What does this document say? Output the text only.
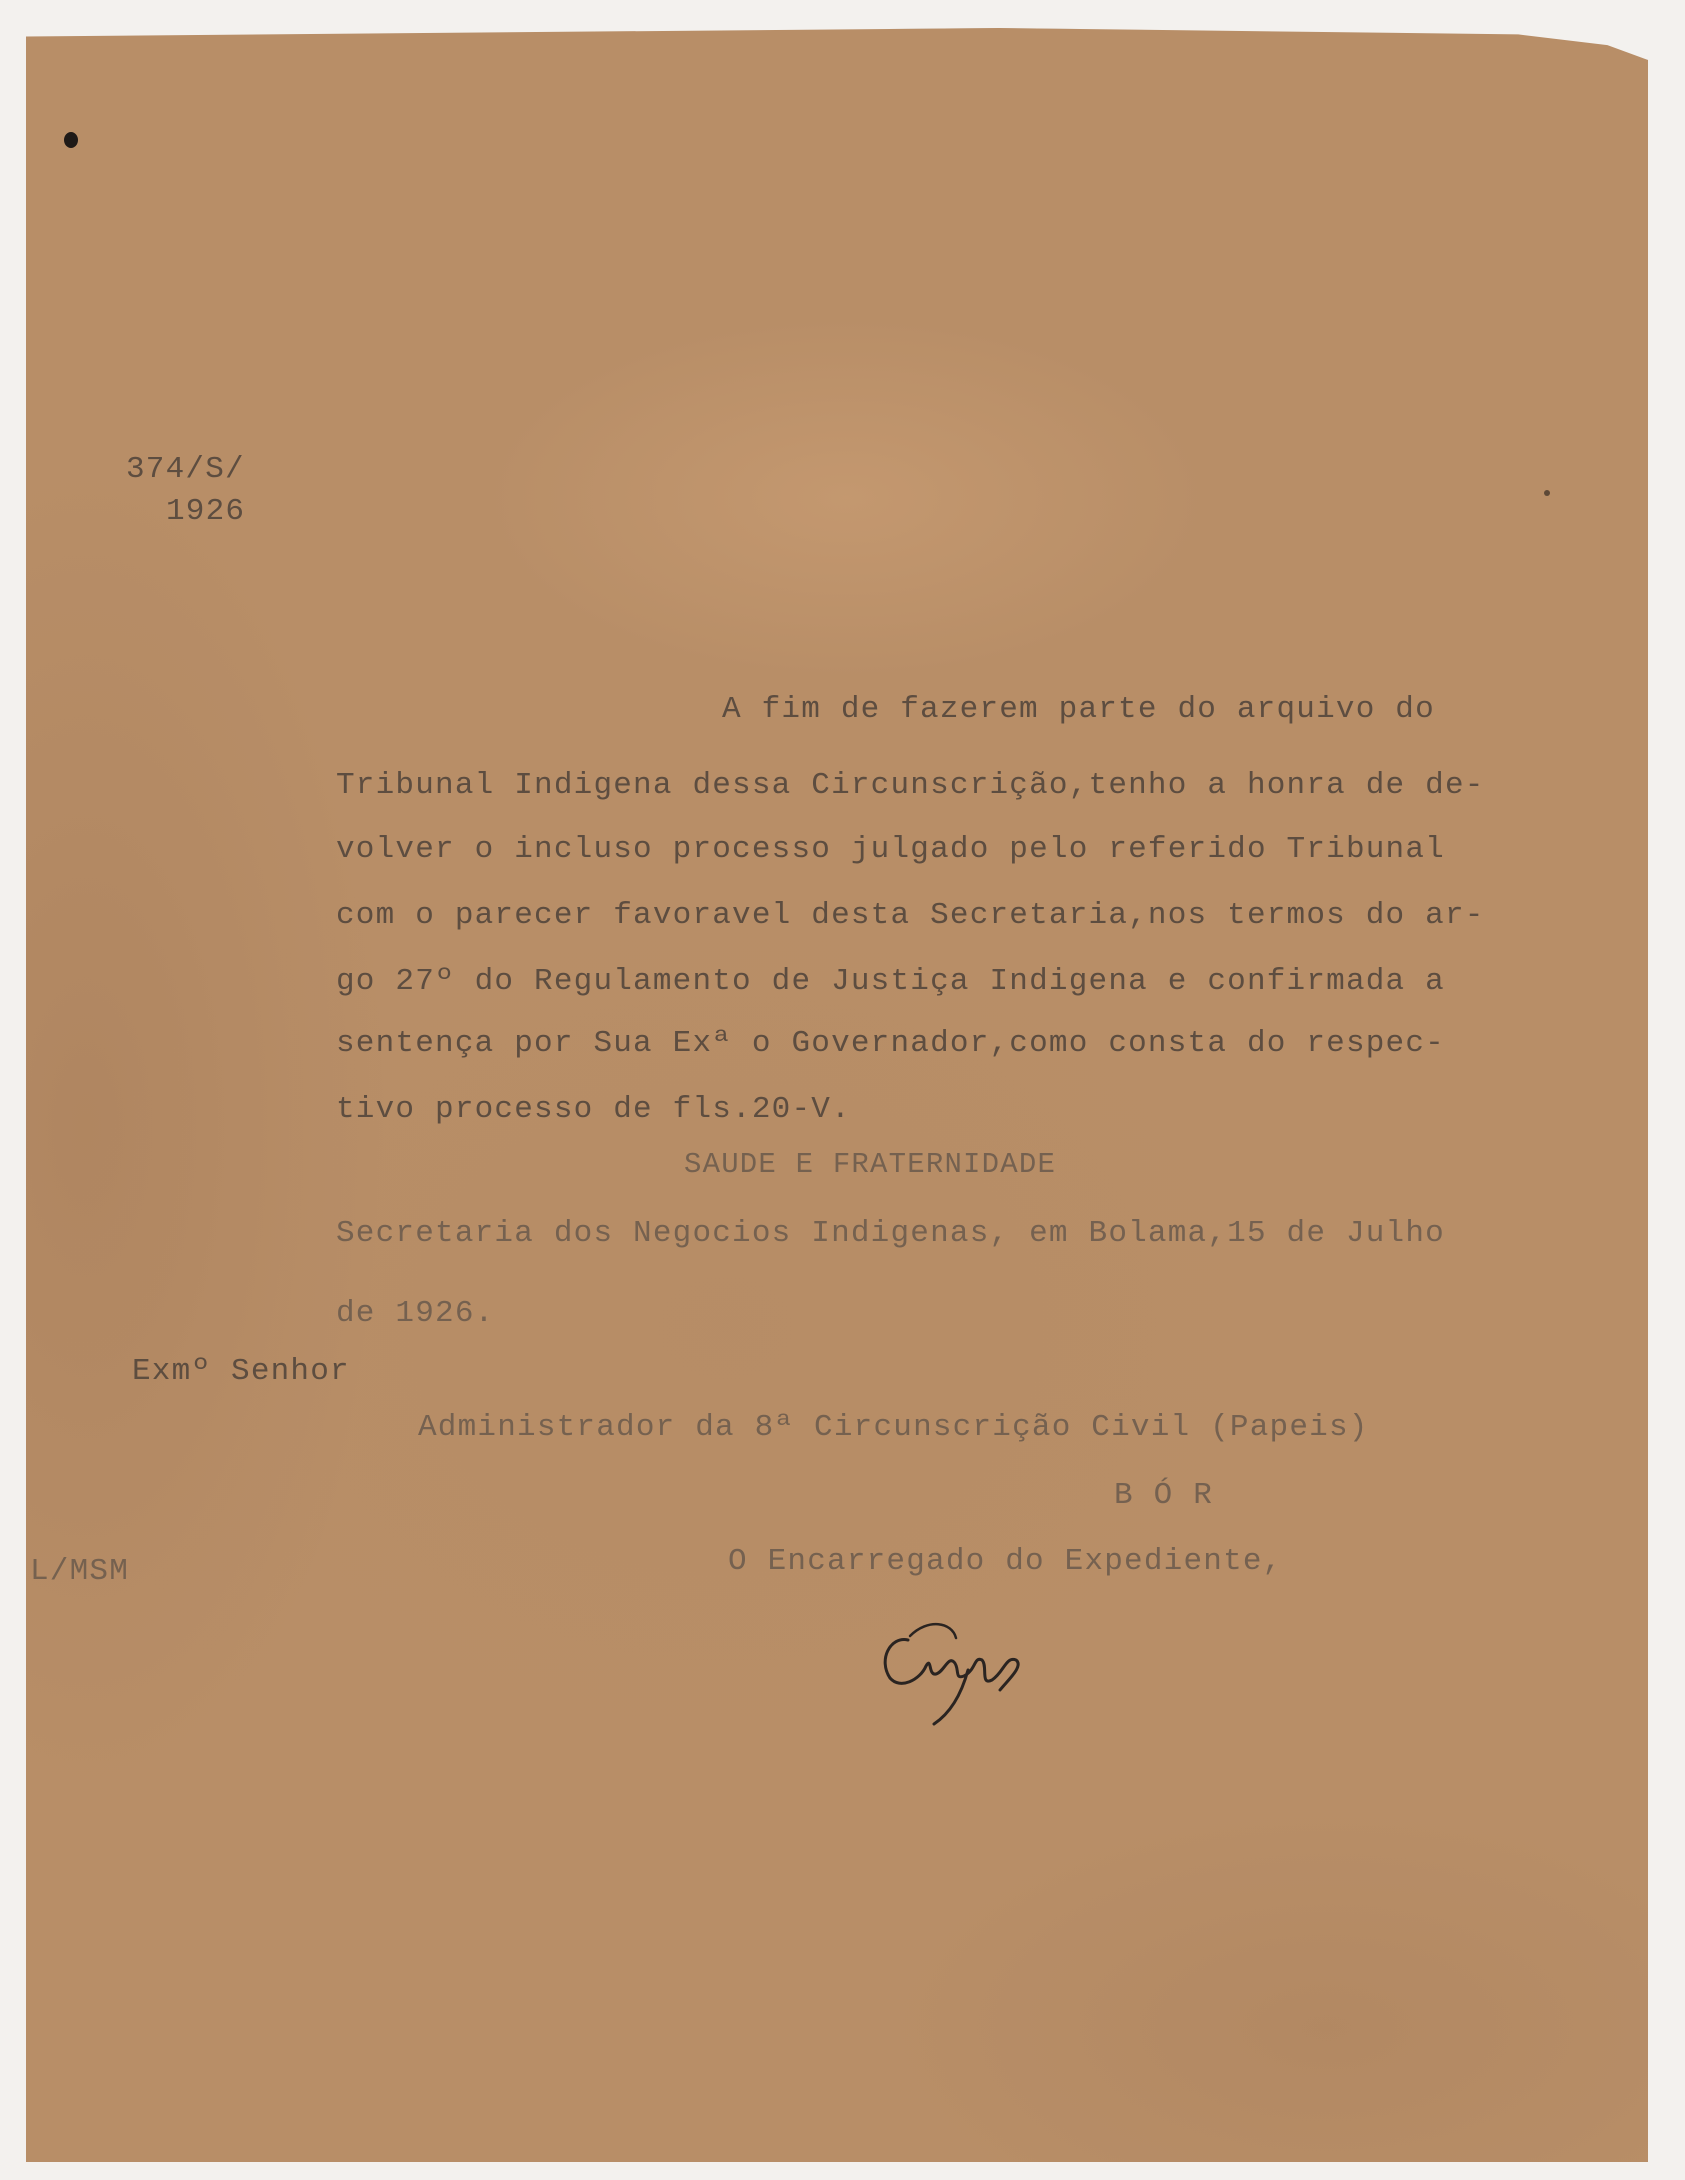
374/S/
1926
A fim de fazerem parte do arquivo do
Tribunal Indigena dessa Circunscrição,tenho a honra de de-
volver o incluso processo julgado pelo referido Tribunal
com o parecer favoravel desta Secretaria,nos termos do ar-
go 27º do Regulamento de Justiça Indigena e confirmada a
sentença por Sua Exª o Governador,como consta do respec-
tivo processo de fls.20-V.
SAUDE E FRATERNIDADE
Secretaria dos Negocios Indigenas, em Bolama,15 de Julho
de 1926.
Exmº Senhor
Administrador da 8ª Circunscrição Civil (Papeis)
B Ó R
L/MSM	O Encarregado do Expediente,
